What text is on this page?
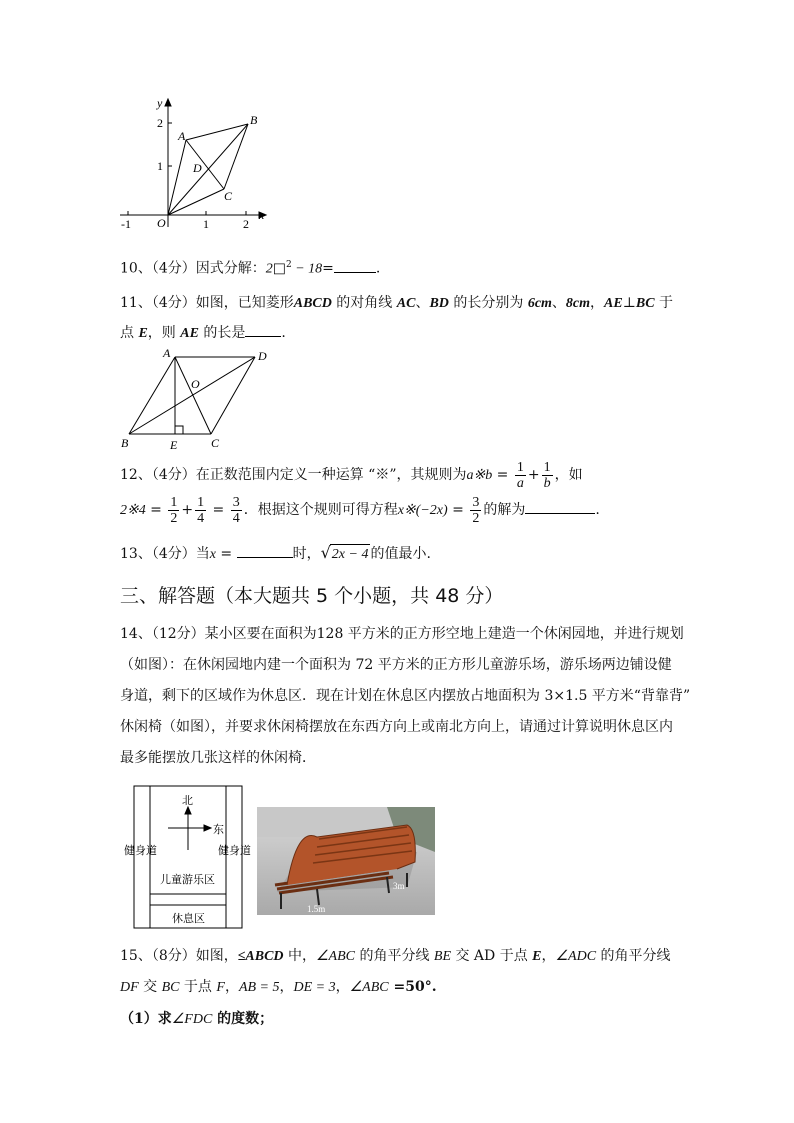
y
x
2
1
-1	1	2
O
A
B
C
D
10、（4分）因式分解：2□$^2$ − 18=	.
11、（4分）如图，已知菱形ABCD 的对角线 AC、BD 的长分别为 6cm、8cm，AE⊥BC 于
点 E，则 AE 的长是	.
A	D
O
B	E	C
12、（4分）在正数范围内定义一种运算 “※”，其规则为a※b = $\frac{1}{a} + \frac{1}{b}$ ，如
2※4 = $\frac{1}{2} + \frac{1}{4} = \frac{3}{4}$ ．根据这个规则可得方程x※(−2x) = $\frac{3}{2}$ 的解为	.
13、（4分）当x =	时，√2x − 4 的值最小.
三、解答题（本大题共 5 个小题，共 48 分）
14、（12分）某小区要在面积为128 平方米的正方形空地上建造一个休闲园地，并进行规划
（如图）：在休闲园地内建一个面积为 72 平方米的正方形儿童游乐场，游乐场两边铺设健
身道，剩下的区域作为休息区．现在计划在休息区内摆放占地面积为 3×1.5 平方米“背靠背”
休闲椅（如图），并要求休闲椅摆放在东西方向上或南北方向上，请通过计算说明休息区内
最多能摆放几张这样的休闲椅．
北
东
健身道	健身道
儿童游乐区
休息区
3m
1.5m
15、（8分）如图，≤ABCD 中，∠ABC 的角平分线 BE 交 AD 于点 E，∠ADC 的角平分线
DF 交 BC 于点 F，AB = 5，DE = 3，∠ABC =50°.
（1）求∠FDC 的度数；
